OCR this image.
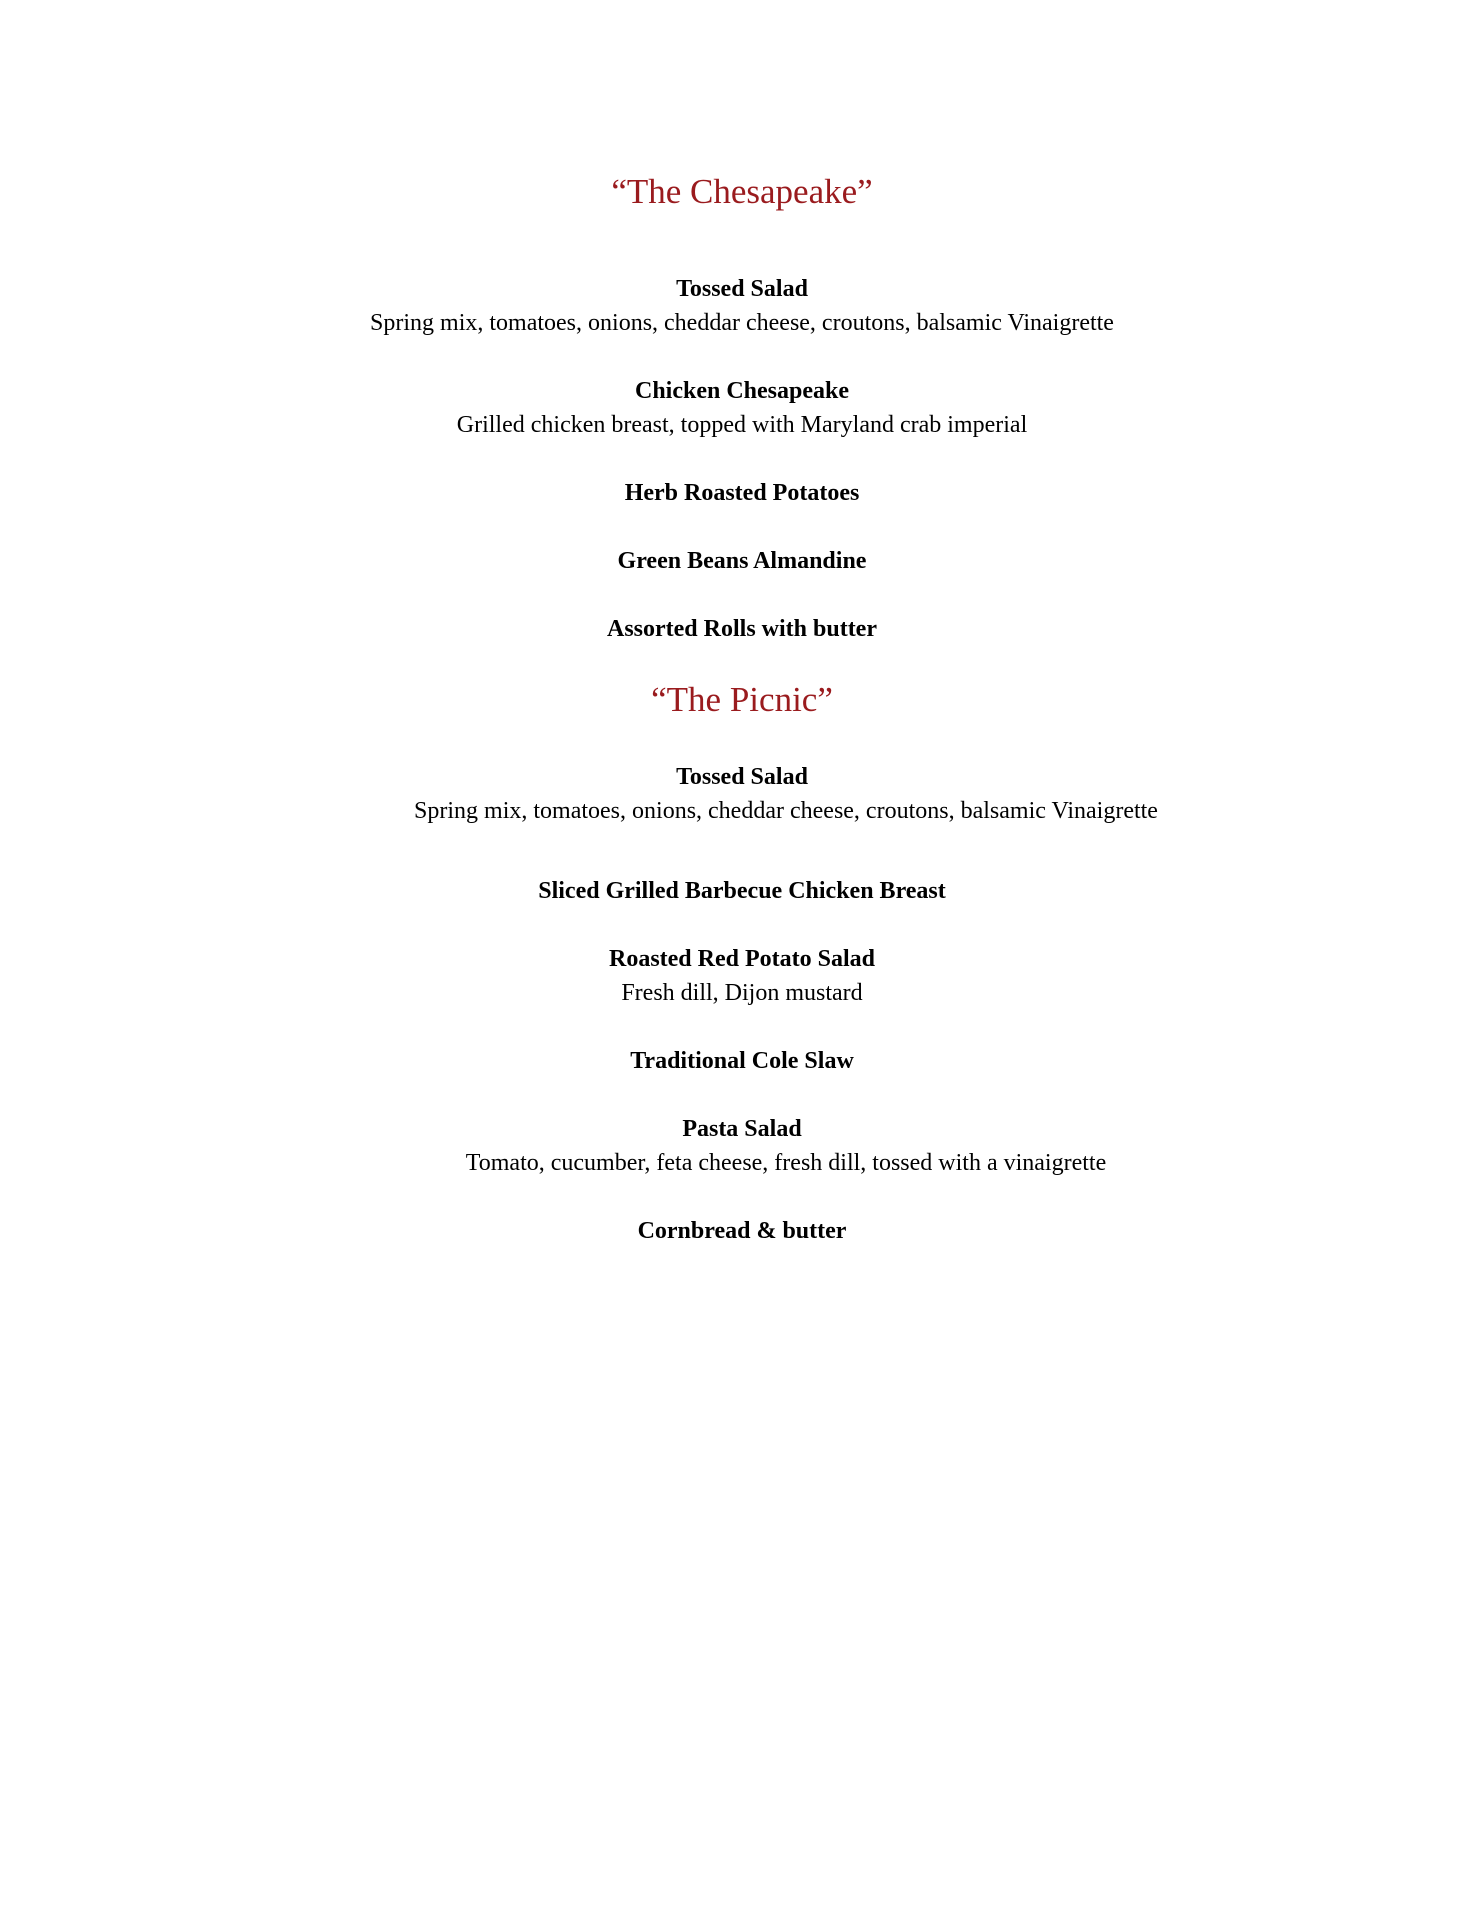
“The Chesapeake”
Tossed Salad
Spring mix, tomatoes, onions, cheddar cheese, croutons, balsamic Vinaigrette
Chicken Chesapeake
Grilled chicken breast, topped with Maryland crab imperial
Herb Roasted Potatoes
Green Beans Almandine
Assorted Rolls with butter
“The Picnic”
Tossed Salad
Spring mix, tomatoes, onions, cheddar cheese, croutons, balsamic Vinaigrette
Sliced Grilled Barbecue Chicken Breast
Roasted Red Potato Salad
Fresh dill, Dijon mustard
Traditional Cole Slaw
Pasta Salad
Tomato, cucumber, feta cheese, fresh dill, tossed with a vinaigrette
Cornbread & butter
